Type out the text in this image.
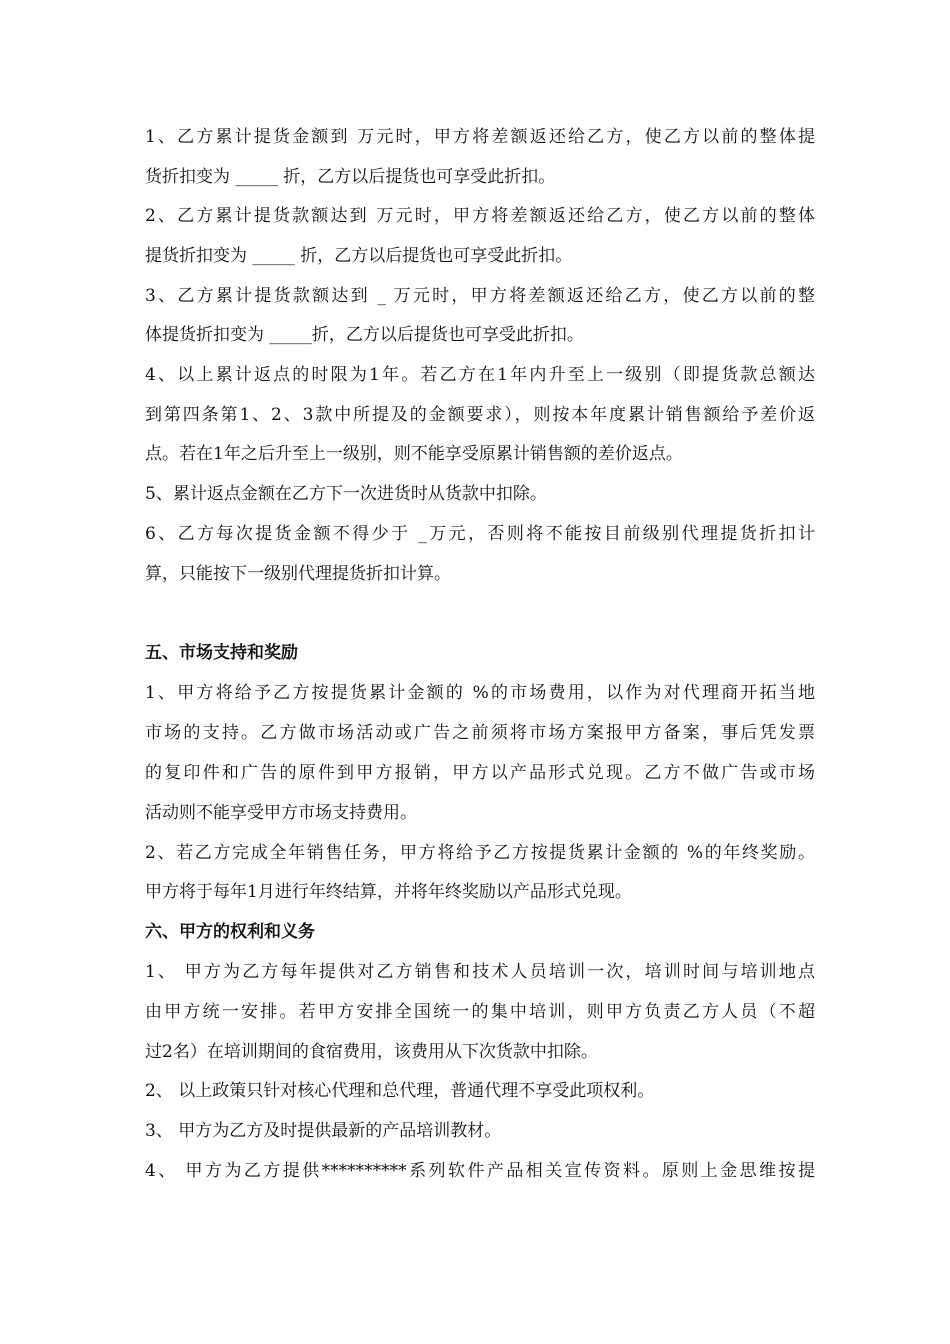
1、乙方累计提货金额到 万元时，甲方将差额返还给乙方，使乙方以前的整体提
货折扣变为 _____ 折，乙方以后提货也可享受此折扣。
2、乙方累计提货款额达到 万元时，甲方将差额返还给乙方，使乙方以前的整体
提货折扣变为 _____ 折，乙方以后提货也可享受此折扣。
3、乙方累计提货款额达到 _ 万元时，甲方将差额返还给乙方，使乙方以前的整
体提货折扣变为 _____折，乙方以后提货也可享受此折扣。
4、以上累计返点的时限为1年。若乙方在1年内升至上一级别（即提货款总额达
到第四条第1、2、3款中所提及的金额要求），则按本年度累计销售额给予差价返
点。若在1年之后升至上一级别，则不能享受原累计销售额的差价返点。
5、累计返点金额在乙方下一次进货时从货款中扣除。
6、乙方每次提货金额不得少于 _万元，否则将不能按目前级别代理提货折扣计
算，只能按下一级别代理提货折扣计算。
五、市场支持和奖励
1、甲方将给予乙方按提货累计金额的 %的市场费用，以作为对代理商开拓当地
市场的支持。乙方做市场活动或广告之前须将市场方案报甲方备案，事后凭发票
的复印件和广告的原件到甲方报销，甲方以产品形式兑现。乙方不做广告或市场
活动则不能享受甲方市场支持费用。
2、若乙方完成全年销售任务，甲方将给予乙方按提货累计金额的 %的年终奖励。
甲方将于每年1月进行年终结算，并将年终奖励以产品形式兑现。
六、甲方的权利和义务
1、 甲方为乙方每年提供对乙方销售和技术人员培训一次，培训时间与培训地点
由甲方统一安排。若甲方安排全国统一的集中培训，则甲方负责乙方人员（不超
过2名）在培训期间的食宿费用，该费用从下次货款中扣除。
2、 以上政策只针对核心代理和总代理，普通代理不享受此项权利。
3、 甲方为乙方及时提供最新的产品培训教材。
4、 甲方为乙方提供**********系列软件产品相关宣传资料。原则上金思维按提
